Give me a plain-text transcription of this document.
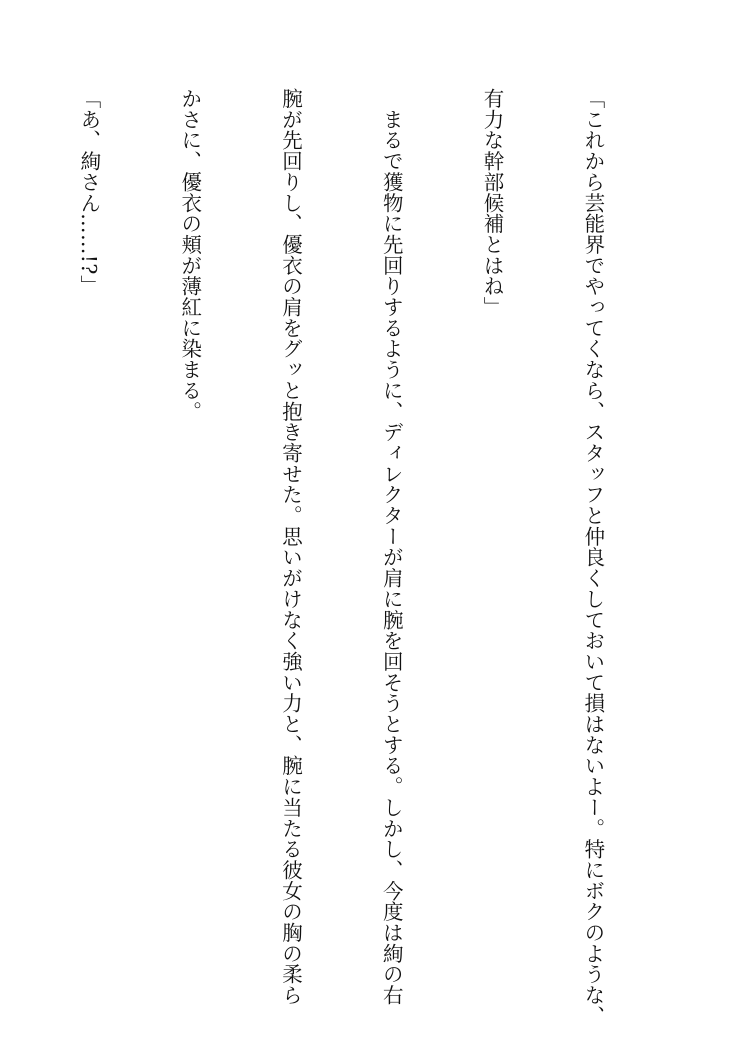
「これから芸能界でやってくなら、スタッフと仲良くしておいて損はないよー。特にボクのような、

有力な幹部候補とはね」

　まるで獲物に先回りするように、ディレクターが肩に腕を回そうとする。しかし、今度は絢の右

腕が先回りし、優衣の肩をグッと抱き寄せた。思いがけなく強い力と、腕に当たる彼女の胸の柔ら

かさに、優衣の頬が薄紅に染まる。

「あ、絢さん……!?」
